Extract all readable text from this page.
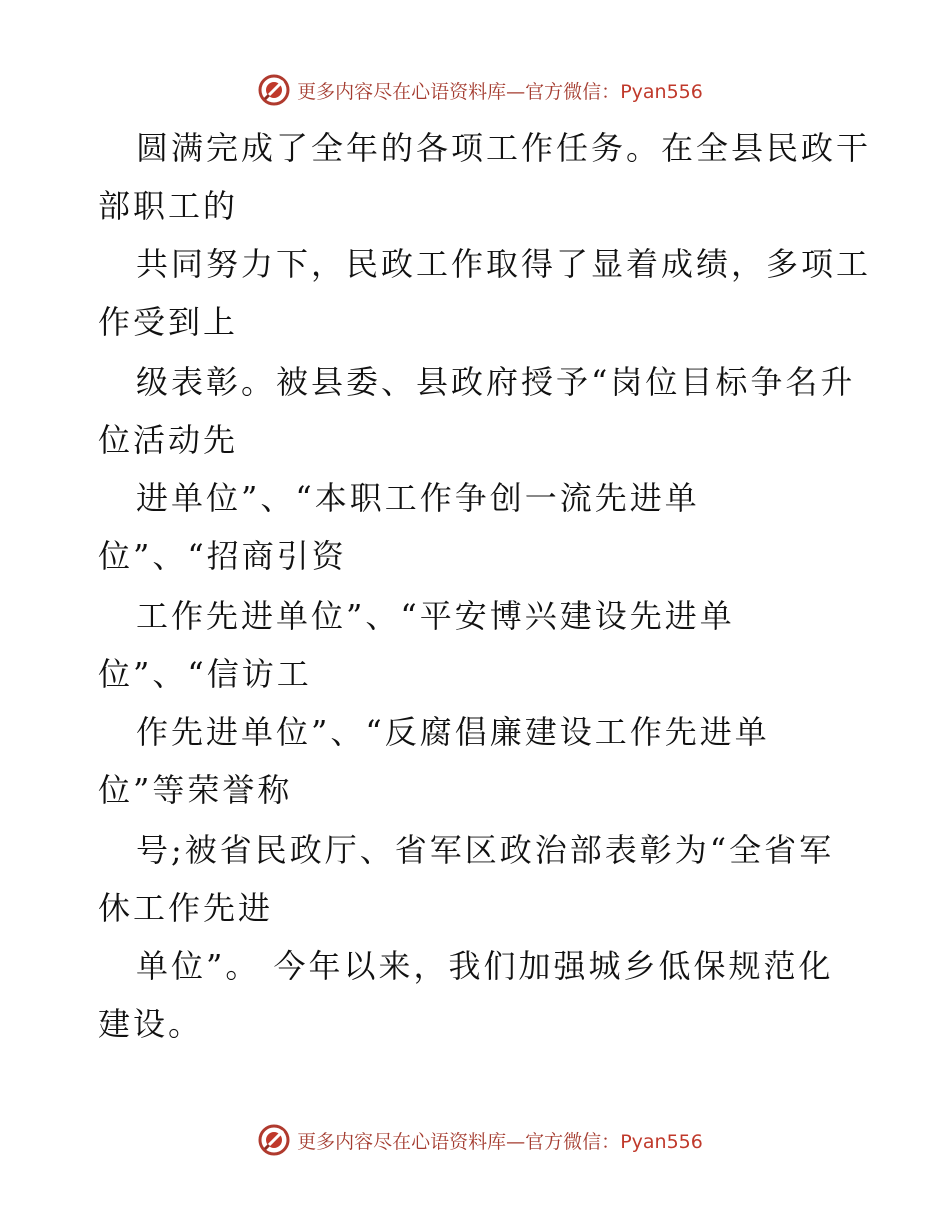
更多内容尽在心语资料库—官方微信：Pyan556
圆满完成了全年的各项工作任务。在全县民政干
部职工的
共同努力下，民政工作取得了显着成绩，多项工
作受到上
级表彰。被县委、县政府授予“岗位目标争名升
位活动先
进单位”、“本职工作争创一流先进单
位”、“招商引资
工作先进单位”、“平安博兴建设先进单
位”、“信访工
作先进单位”、“反腐倡廉建设工作先进单
位”等荣誉称
号;被省民政厅、省军区政治部表彰为“全省军
休工作先进
单位”。 今年以来，我们加强城乡低保规范化
建设。
更多内容尽在心语资料库—官方微信：Pyan556
